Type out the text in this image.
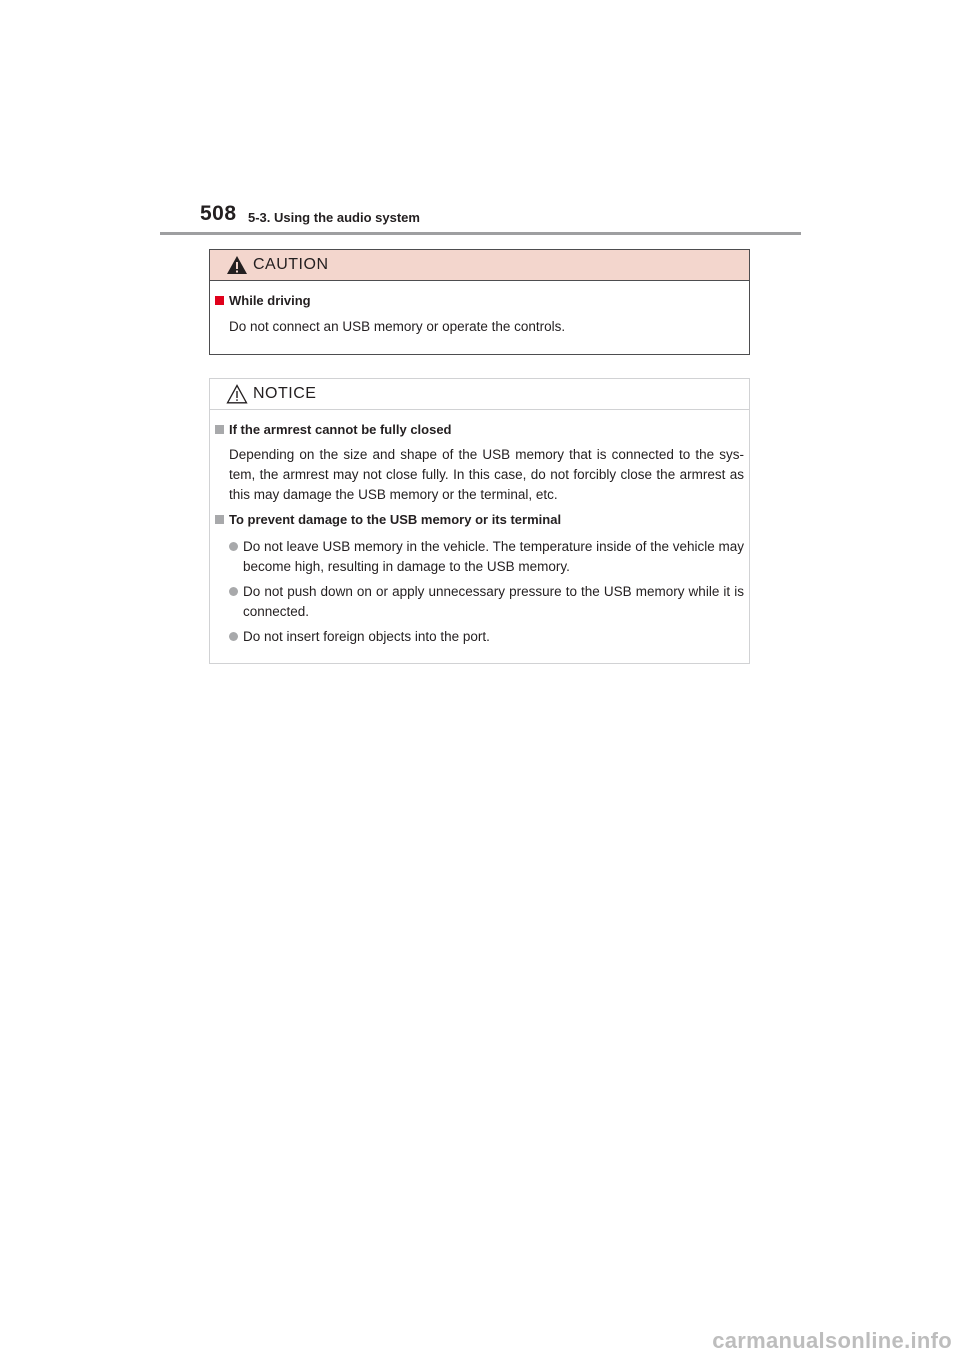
508 5-3. Using the audio system
CAUTION
While driving
Do not connect an USB memory or operate the controls.
NOTICE
If the armrest cannot be fully closed
Depending on the size and shape of the USB memory that is connected to the sys- tem, the armrest may not close fully. In this case, do not forcibly close the armrest as this may damage the USB memory or the terminal, etc.
To prevent damage to the USB memory or its terminal
Do not leave USB memory in the vehicle. The temperature inside of the vehicle may become high, resulting in damage to the USB memory.
Do not push down on or apply unnecessary pressure to the USB memory while it is connected.
Do not insert foreign objects into the port.
carmanualsonline.info
